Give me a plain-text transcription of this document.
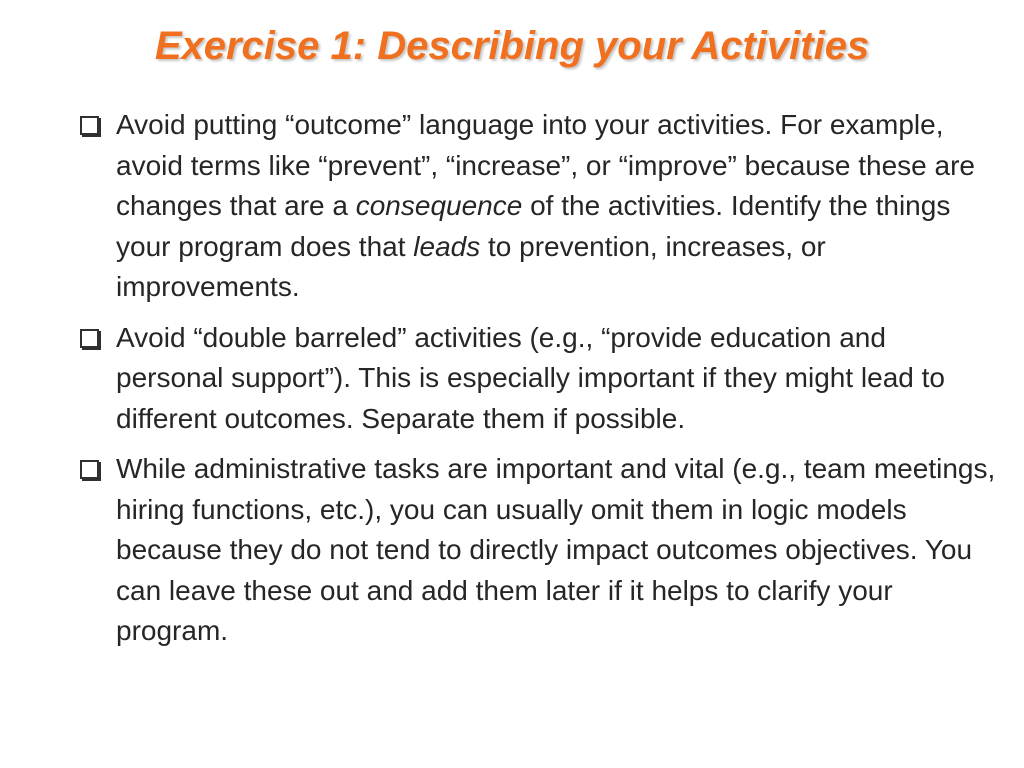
Exercise 1: Describing your Activities
Avoid putting “outcome” language into your activities. For example, avoid terms like “prevent”, “increase”, or “improve” because these are changes that are a consequence of the activities. Identify the things your program does that leads to prevention, increases, or improvements.
Avoid “double barreled” activities (e.g., “provide education and personal support”). This is especially important if they might lead to different outcomes. Separate them if possible.
While administrative tasks are important and vital (e.g., team meetings, hiring functions, etc.), you can usually omit them in logic models because they do not tend to directly impact outcomes objectives. You can leave these out and add them later if it helps to clarify your program.
